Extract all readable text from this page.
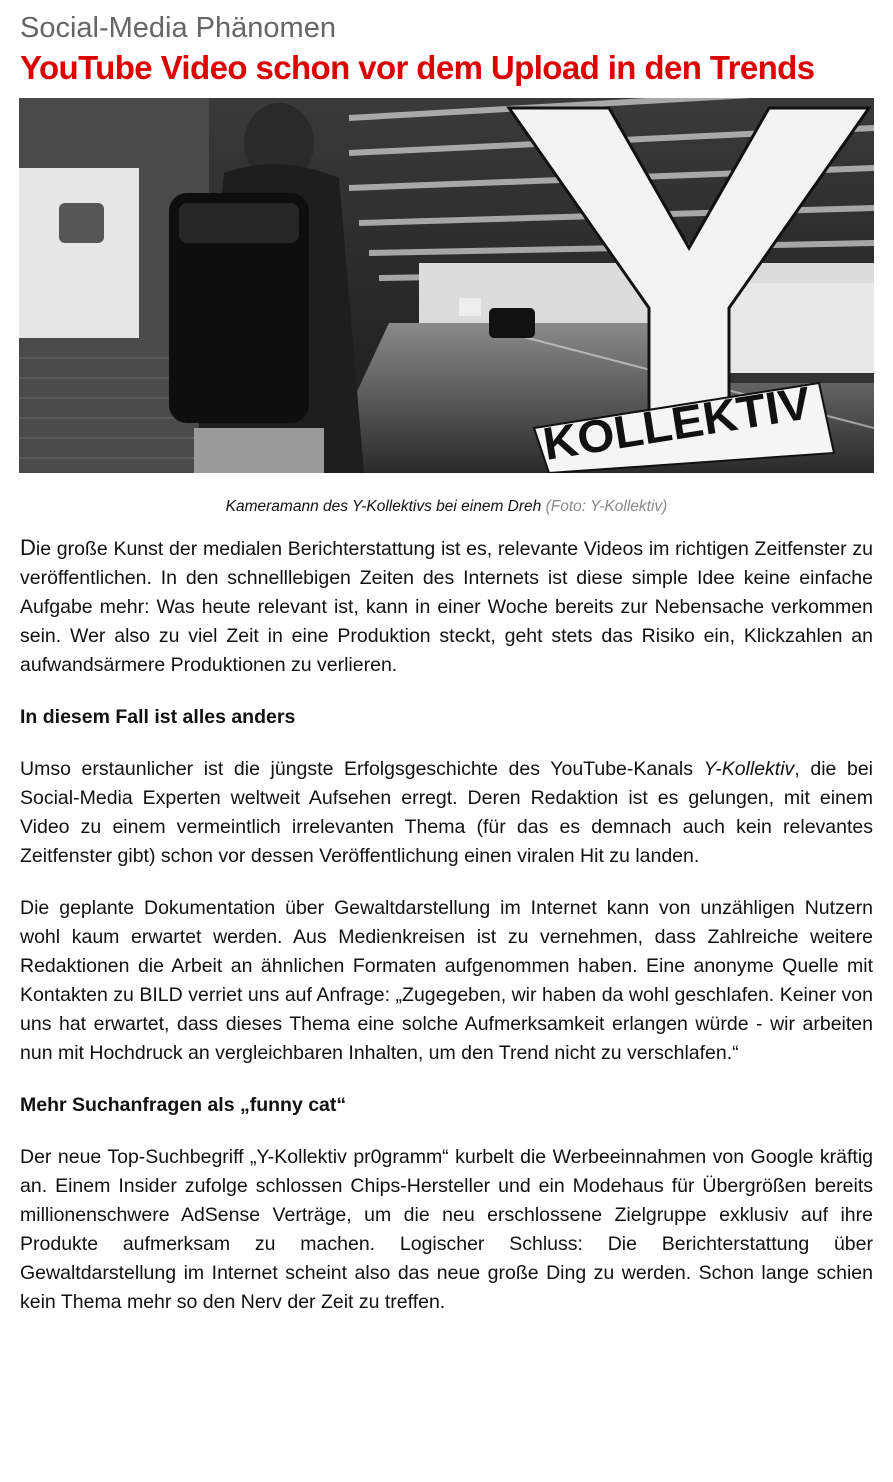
Social-Media Phänomen
YouTube Video schon vor dem Upload in den Trends
KOLLEKTIV
Kameramann des Y-Kollektivs bei einem Dreh (Foto: Y-Kollektiv)

Die große Kunst der medialen Berichterstattung ist es, relevante Videos im richtigen Zeitfenster zu veröffentlichen. In den schnelllebigen Zeiten des Internets ist diese simple Idee keine einfache Aufgabe mehr: Was heute relevant ist, kann in einer Woche bereits zur Nebensache verkommen sein. Wer also zu viel Zeit in eine Produktion steckt, geht stets das Risiko ein, Klickzahlen an aufwandsärmere Produktionen zu verlieren.

In diesem Fall ist alles anders

Umso erstaunlicher ist die jüngste Erfolgsgeschichte des YouTube-Kanals Y-Kollektiv, die bei Social-Media Experten weltweit Aufsehen erregt. Deren Redaktion ist es gelungen, mit einem Video zu einem vermeintlich irrelevanten Thema (für das es demnach auch kein relevantes Zeitfenster gibt) schon vor dessen Veröffentlichung einen viralen Hit zu landen.

Die geplante Dokumentation über Gewaltdarstellung im Internet kann von unzähligen Nutzern wohl kaum erwartet werden. Aus Medienkreisen ist zu vernehmen, dass Zahlreiche weitere Redaktionen die Arbeit an ähnlichen Formaten aufgenommen haben. Eine anonyme Quelle mit Kontakten zu BILD verriet uns auf Anfrage: „Zugegeben, wir haben da wohl geschlafen. Keiner von uns hat erwartet, dass dieses Thema eine solche Aufmerksamkeit erlangen würde - wir arbeiten nun mit Hochdruck an vergleichbaren Inhalten, um den Trend nicht zu verschlafen.“

Mehr Suchanfragen als „funny cat“

Der neue Top-Suchbegriff „Y-Kollektiv pr0gramm“ kurbelt die Werbeeinnahmen von Google kräftig an. Einem Insider zufolge schlossen Chips-Hersteller und ein Modehaus für Übergrößen bereits millionenschwere AdSense Verträge, um die neu erschlossene Zielgruppe exklusiv auf ihre Produkte aufmerksam zu machen. Logischer Schluss: Die Berichterstattung über Gewaltdarstellung im Internet scheint also das neue große Ding zu werden. Schon lange schien kein Thema mehr so den Nerv der Zeit zu treffen.
